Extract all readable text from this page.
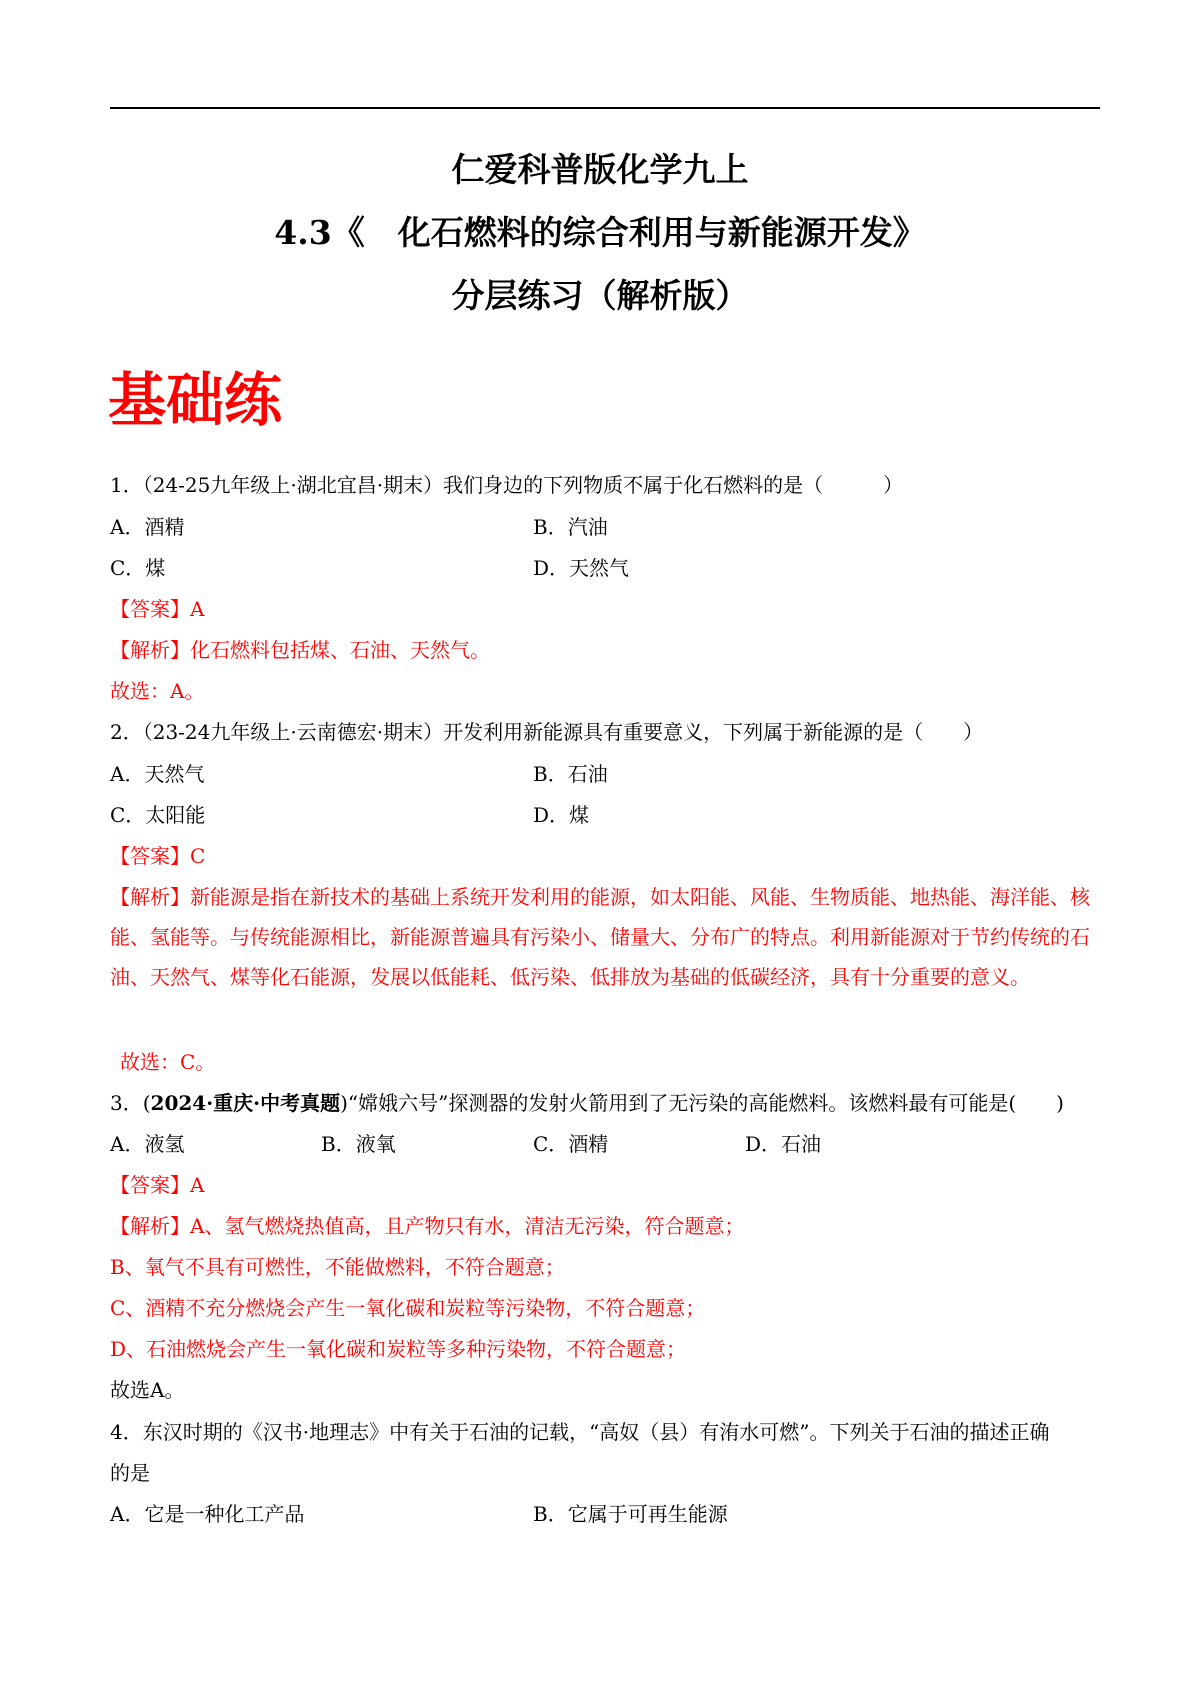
仁爱科普版化学九上
4.3《　化石燃料的综合利用与新能源开发》
分层练习（解析版）
基础练
1．（24-25九年级上·湖北宜昌·期末）我们身边的下列物质不属于化石燃料的是（　　　）
A．酒精	B．汽油
C．煤	D．天然气
【答案】A
【解析】化石燃料包括煤、石油、天然气。
故选：A。
2．（23-24九年级上·云南德宏·期末）开发利用新能源具有重要意义，下列属于新能源的是（　　）
A．天然气	B．石油
C．太阳能	D．煤
【答案】C
【解析】新能源是指在新技术的基础上系统开发利用的能源，如太阳能、风能、生物质能、地热能、海洋能、核能、氢能等。与传统能源相比，新能源普遍具有污染小、储量大、分布广的特点。利用新能源对于节约传统的石油、天然气、煤等化石能源，发展以低能耗、低污染、低排放为基础的低碳经济，具有十分重要的意义。
故选：C。
3．(2024·重庆·中考真题)“嫦娥六号”探测器的发射火箭用到了无污染的高能燃料。该燃料最有可能是(　　)
A．液氢	B．液氧	C．酒精	D．石油
【答案】A
【解析】A、氢气燃烧热值高，且产物只有水，清洁无污染，符合题意；
B、氧气不具有可燃性，不能做燃料，不符合题意；
C、酒精不充分燃烧会产生一氧化碳和炭粒等污染物，不符合题意；
D、石油燃烧会产生一氧化碳和炭粒等多种污染物，不符合题意；
故选A。
4．东汉时期的《汉书·地理志》中有关于石油的记载，“高奴（县）有洧水可燃”。下列关于石油的描述正确
的是
A．它是一种化工产品	B．它属于可再生能源
